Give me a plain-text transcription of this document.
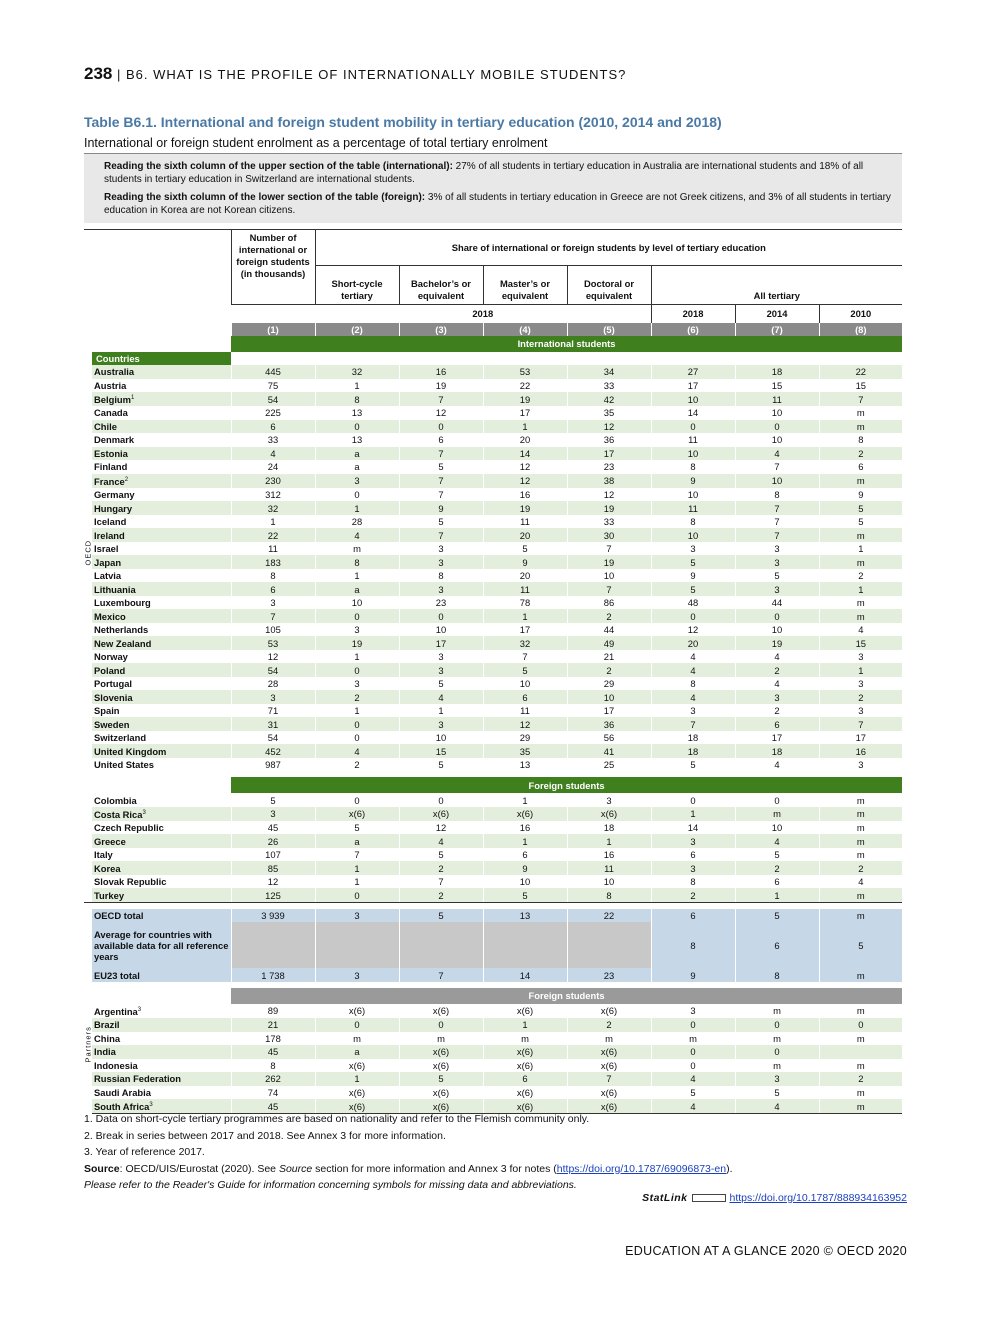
238 | B6. WHAT IS THE PROFILE OF INTERNATIONALLY MOBILE STUDENTS?
Table B6.1. International and foreign student mobility in tertiary education (2010, 2014 and 2018)
International or foreign student enrolment as a percentage of total tertiary enrolment

Reading the sixth column of the upper section of the table (international): 27% of all students in tertiary education in Australia are international students and 18% of all students in tertiary education in Switzerland are international students.

Reading the sixth column of the lower section of the table (foreign): 3% of all students in tertiary education in Greece are not Greek citizens, and 3% of all students in tertiary education in Korea are not Korean citizens.

		Number of international or foreign students (in thousands)	Share of international or foreign students by level of tertiary education						
			Short-cycle tertiary	Bachelor’s or equivalent	Master’s or equivalent	Doctoral or equivalent	All tertiary		
			2018				2018	2014	2010
		(1)	(2)	(3)	(4)	(5)	(6)	(7)	(8)
		International students							

OECD	Countries								
	Australia	445	32	16	53	34	27	18	22
	Austria	75	1	19	22	33	17	15	15
	Belgium$^1$	54	8	7	19	42	10	11	7
	Canada	225	13	12	17	35	14	10	m
	Chile	6	0	0	1	12	0	0	m
	Denmark	33	13	6	20	36	11	10	8
	Estonia	4	a	7	14	17	10	4	2
	Finland	24	a	5	12	23	8	7	6
	France$^2$	230	3	7	12	38	9	10	m
	Germany	312	0	7	16	12	10	8	9
	Hungary	32	1	9	19	19	11	7	5
	Iceland	1	28	5	11	33	8	7	5
	Ireland	22	4	7	20	30	10	7	m
	Israel	11	m	3	5	7	3	3	1
	Japan	183	8	3	9	19	5	3	m
	Latvia	8	1	8	20	10	9	5	2
	Lithuania	6	a	3	11	7	5	3	1
	Luxembourg	3	10	23	78	86	48	44	m
	Mexico	7	0	0	1	2	0	0	m
	Netherlands	105	3	10	17	44	12	10	4
	New Zealand	53	19	17	32	49	20	19	15
	Norway	12	1	3	7	21	4	4	3
	Poland	54	0	3	5	2	4	2	1
	Portugal	28	3	5	10	29	8	4	3
	Slovenia	3	2	4	6	10	4	3	2
	Spain	71	1	1	11	17	3	2	3
	Sweden	31	0	3	12	36	7	6	7
	Switzerland	54	0	10	29	56	18	17	17
	United Kingdom	452	4	15	35	41	18	18	16
	United States	987	2	5	13	25	5	4	3

		Foreign students							
	Colombia	5	0	0	1	3	0	0	m
	Costa Rica$^3$	3	x(6)	x(6)	x(6)	x(6)	1	m	m
	Czech Republic	45	5	12	16	18	14	10	m
	Greece	26	a	4	1	1	3	4	m
	Italy	107	7	5	6	16	6	5	m
	Korea	85	1	2	9	11	3	2	2
	Slovak Republic	12	1	7	10	10	8	6	4
	Turkey	125	0	2	5	8	2	1	m

	OECD total	3 939	3	5	13	22	6	5	m
	Average for countries with available data for all reference years						8	6	5
	EU23 total	1 738	3	7	14	23	9	8	m

		Foreign students							

Partners	Argentina$^3$	89	x(6)	x(6)	x(6)	x(6)	3	m	m
	Brazil	21	0	0	1	2	0	0	0
	China	178	m	m	m	m	m	m	m
	India	45	a	x(6)	x(6)	x(6)	0	0	
	Indonesia	8	x(6)	x(6)	x(6)	x(6)	0	m	m
	Russian Federation	262	1	5	6	7	4	3	2
	Saudi Arabia	74	x(6)	x(6)	x(6)	x(6)	5	5	m
	South Africa$^3$	45	x(6)	x(6)	x(6)	x(6)	4	4	m

1. Data on short-cycle tertiary programmes are based on nationality and refer to the Flemish community only.

2. Break in series between 2017 and 2018. See Annex 3 for more information.

3. Year of reference 2017.

Source: OECD/UIS/Eurostat (2020). See Source section for more information and Annex 3 for notes (https://doi.org/10.1787/69096873-en).

Please refer to the Reader's Guide for information concerning symbols for missing data and abbreviations.

StatLink	https://doi.org/10.1787/888934163952
EDUCATION AT A GLANCE 2020 © OECD 2020
